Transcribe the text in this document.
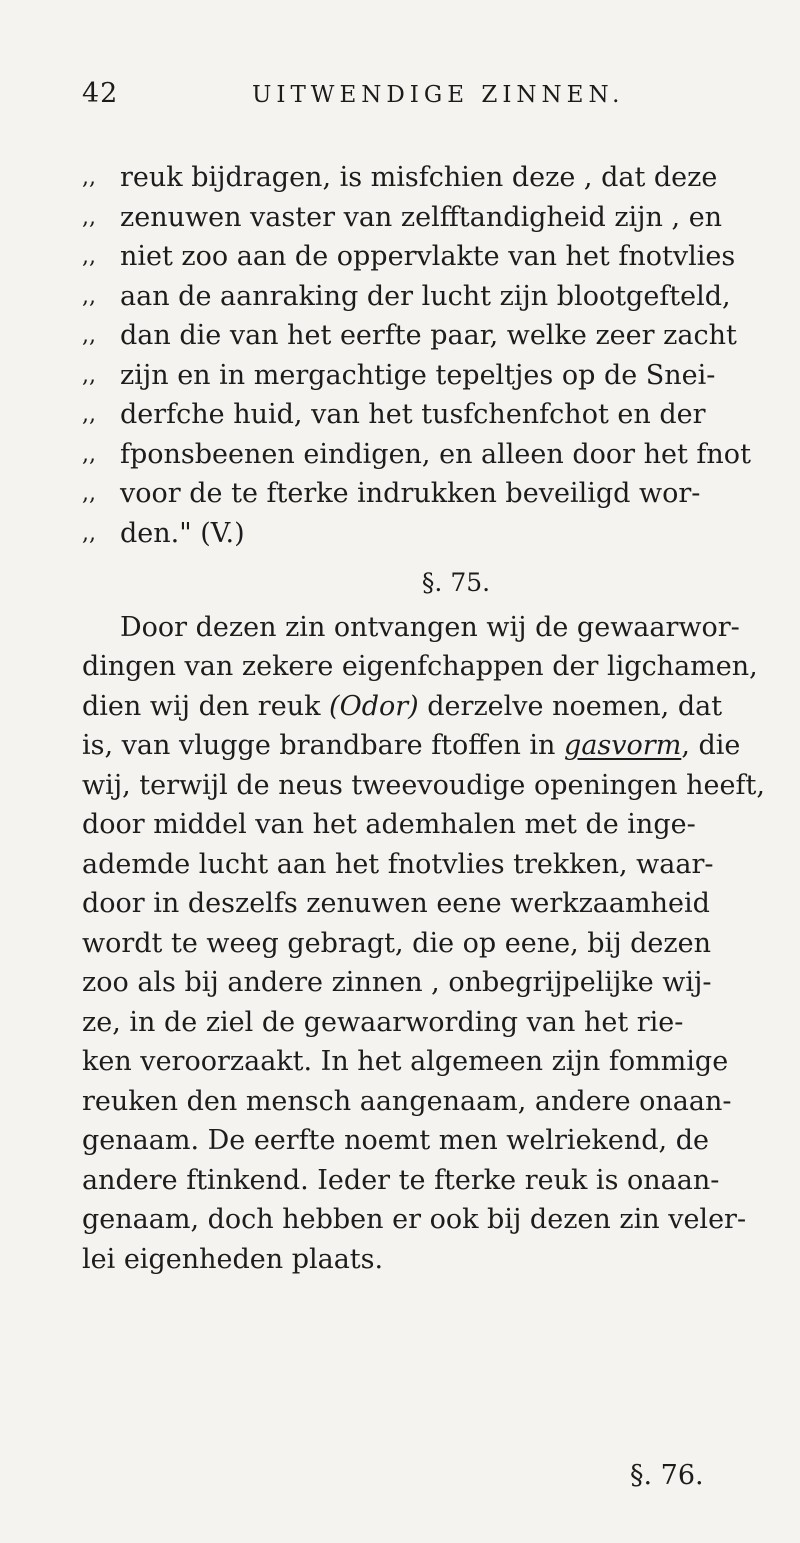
42	UITWENDIGE ZINNEN.
,, reuk bijdragen, is misfchien deze , dat deze
,, zenuwen vaster van zelfftandigheid zijn , en
,, niet zoo aan de oppervlakte van het fnotvlies
,, aan de aanraking der lucht zijn blootgefteld,
,, dan die van het eerfte paar, welke zeer zacht
,, zijn en in mergachtige tepeltjes op de Snei-
,, derfche huid, van het tusfchenfchot en der
,, fponsbeenen eindigen, en alleen door het fnot
,, voor de te fterke indrukken beveiligd wor-
,, den." (V.)
§. 75.
Door dezen zin ontvangen wij de gewaarwor-
dingen van zekere eigenfchappen der ligchamen,
dien wij den reuk (Odor) derzelve noemen, dat
is, van vlugge brandbare ftoffen in gasvorm, die
wij, terwijl de neus tweevoudige openingen heeft,
door middel van het ademhalen met de inge-
ademde lucht aan het fnotvlies trekken, waar-
door in deszelfs zenuwen eene werkzaamheid
wordt te weeg gebragt, die op eene, bij dezen
zoo als bij andere zinnen , onbegrijpelijke wij-
ze, in de ziel de gewaarwording van het rie-
ken veroorzaakt. In het algemeen zijn fommige
reuken den mensch aangenaam, andere onaan-
genaam. De eerfte noemt men welriekend, de
andere ftinkend. Ieder te fterke reuk is onaan-
genaam, doch hebben er ook bij dezen zin veler-
lei eigenheden plaats.
§. 76.
